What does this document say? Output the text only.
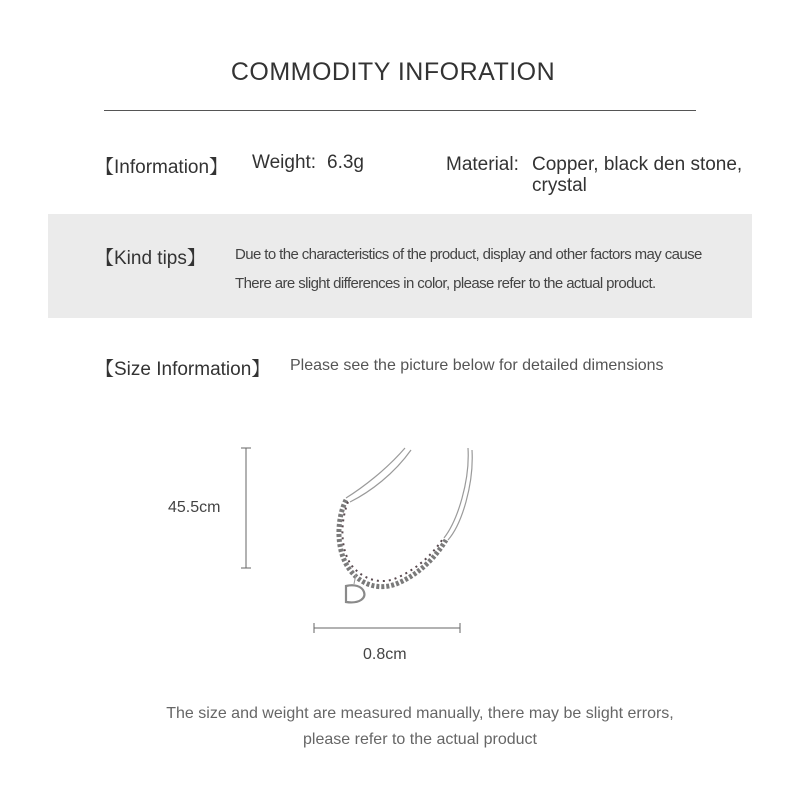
COMMODITY INFORATION
【Information】 Weight: 6.3g	Material: Copper, black den stone,
crystal
【Kind tips】 Due to the characteristics of the product, display and other factors may cause
There are slight differences in color, please refer to the actual product.
【Size Information】 Please see the picture below for detailed dimensions
45.5cm
0.8cm
The size and weight are measured manually, there may be slight errors,
please refer to the actual product
